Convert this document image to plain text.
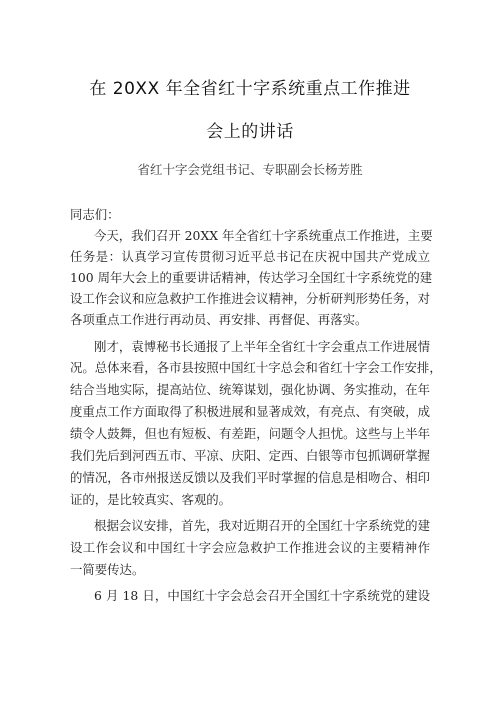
在 20XX 年全省红十字系统重点工作推进
会上的讲话
省红十字会党组书记、专职副会长杨芳胜
同志们：
今天，我们召开 20XX 年全省红十字系统重点工作推进，主要
任务是：认真学习宣传贯彻习近平总书记在庆祝中国共产党成立
100 周年大会上的重要讲话精神，传达学习全国红十字系统党的建
设工作会议和应急救护工作推进会议精神，分析研判形势任务，对
各项重点工作进行再动员、再安排、再督促、再落实。
刚才，袁博秘书长通报了上半年全省红十字会重点工作进展情
况。总体来看，各市县按照中国红十字总会和省红十字会工作安排，
结合当地实际，提高站位、统筹谋划，强化协调、务实推动，在年
度重点工作方面取得了积极进展和显著成效，有亮点、有突破，成
绩令人鼓舞，但也有短板、有差距，问题令人担忧。这些与上半年
我们先后到河西五市、平凉、庆阳、定西、白银等市包抓调研掌握
的情况，各市州报送反馈以及我们平时掌握的信息是相吻合、相印
证的，是比较真实、客观的。
根据会议安排，首先，我对近期召开的全国红十字系统党的建
设工作会议和中国红十字会应急救护工作推进会议的主要精神作
一简要传达。
6 月 18 日，中国红十字会总会召开全国红十字系统党的建设
